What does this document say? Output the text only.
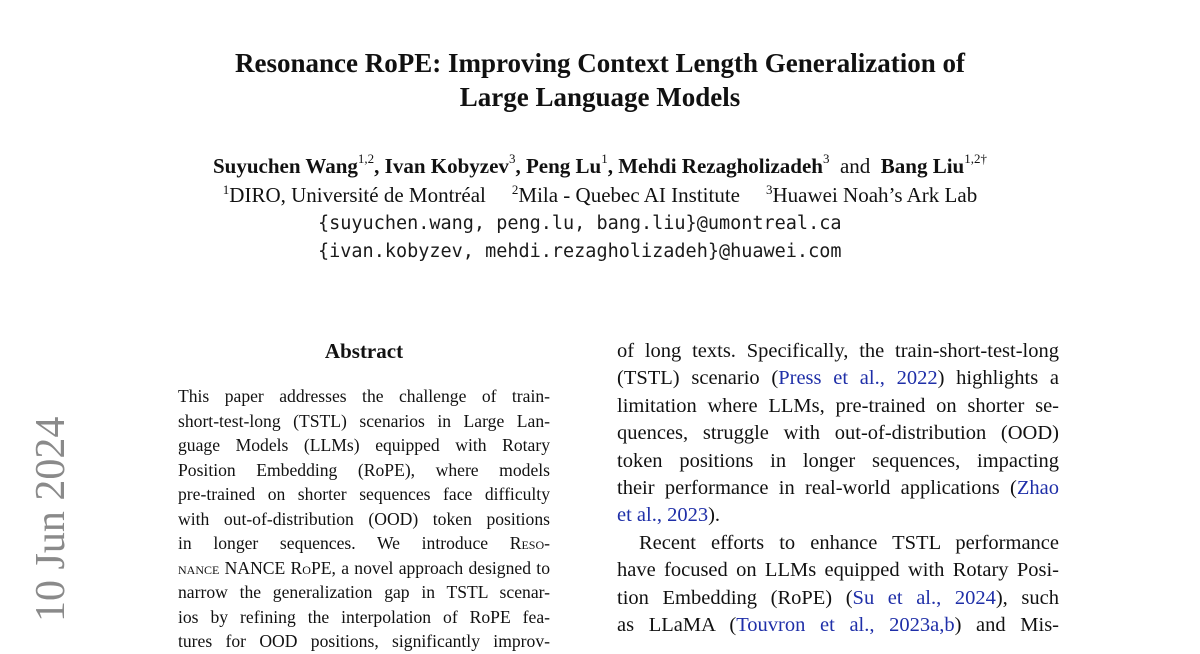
Resonance RoPE: Improving Context Length Generalization of
Large Language Models
Suyuchen Wang$^{1,2}$, Ivan Kobyzev$^3$, Peng Lu$^1$, Mehdi Rezagholizadeh$^3$ and Bang Liu$^{1,2\dagger}$
$^1$DIRO, Université de Montréal $^2$Mila - Quebec AI Institute $^3$Huawei Noah’s Ark Lab
{suyuchen.wang, peng.lu, bang.liu}@umontreal.ca
{ivan.kobyzev, mehdi.rezagholizadeh}@huawei.com
10 Jun 2024
Abstract
This paper addresses the challenge of train-
short-test-long (TSTL) scenarios in Large Lan-
guage Models (LLMs) equipped with Rotary
Position Embedding (RoPE), where models
pre-trained on shorter sequences face difficulty
with out-of-distribution (OOD) token positions
in longer sequences. We introduce Reso-
nance NANCE RoPE, a novel approach designed to
narrow the generalization gap in TSTL scenar-
ios by refining the interpolation of RoPE fea-
tures for OOD positions, significantly improv-
of long texts. Specifically, the train-short-test-long
(TSTL) scenario (Press et al., 2022) highlights a
limitation where LLMs, pre-trained on shorter se-
quences, struggle with out-of-distribution (OOD)
token positions in longer sequences, impacting
their performance in real-world applications (Zhao
et al., 2023).
Recent efforts to enhance TSTL performance
have focused on LLMs equipped with Rotary Posi-
tion Embedding (RoPE) (Su et al., 2024), such
as LLaMA (Touvron et al., 2023a,b) and Mis-
